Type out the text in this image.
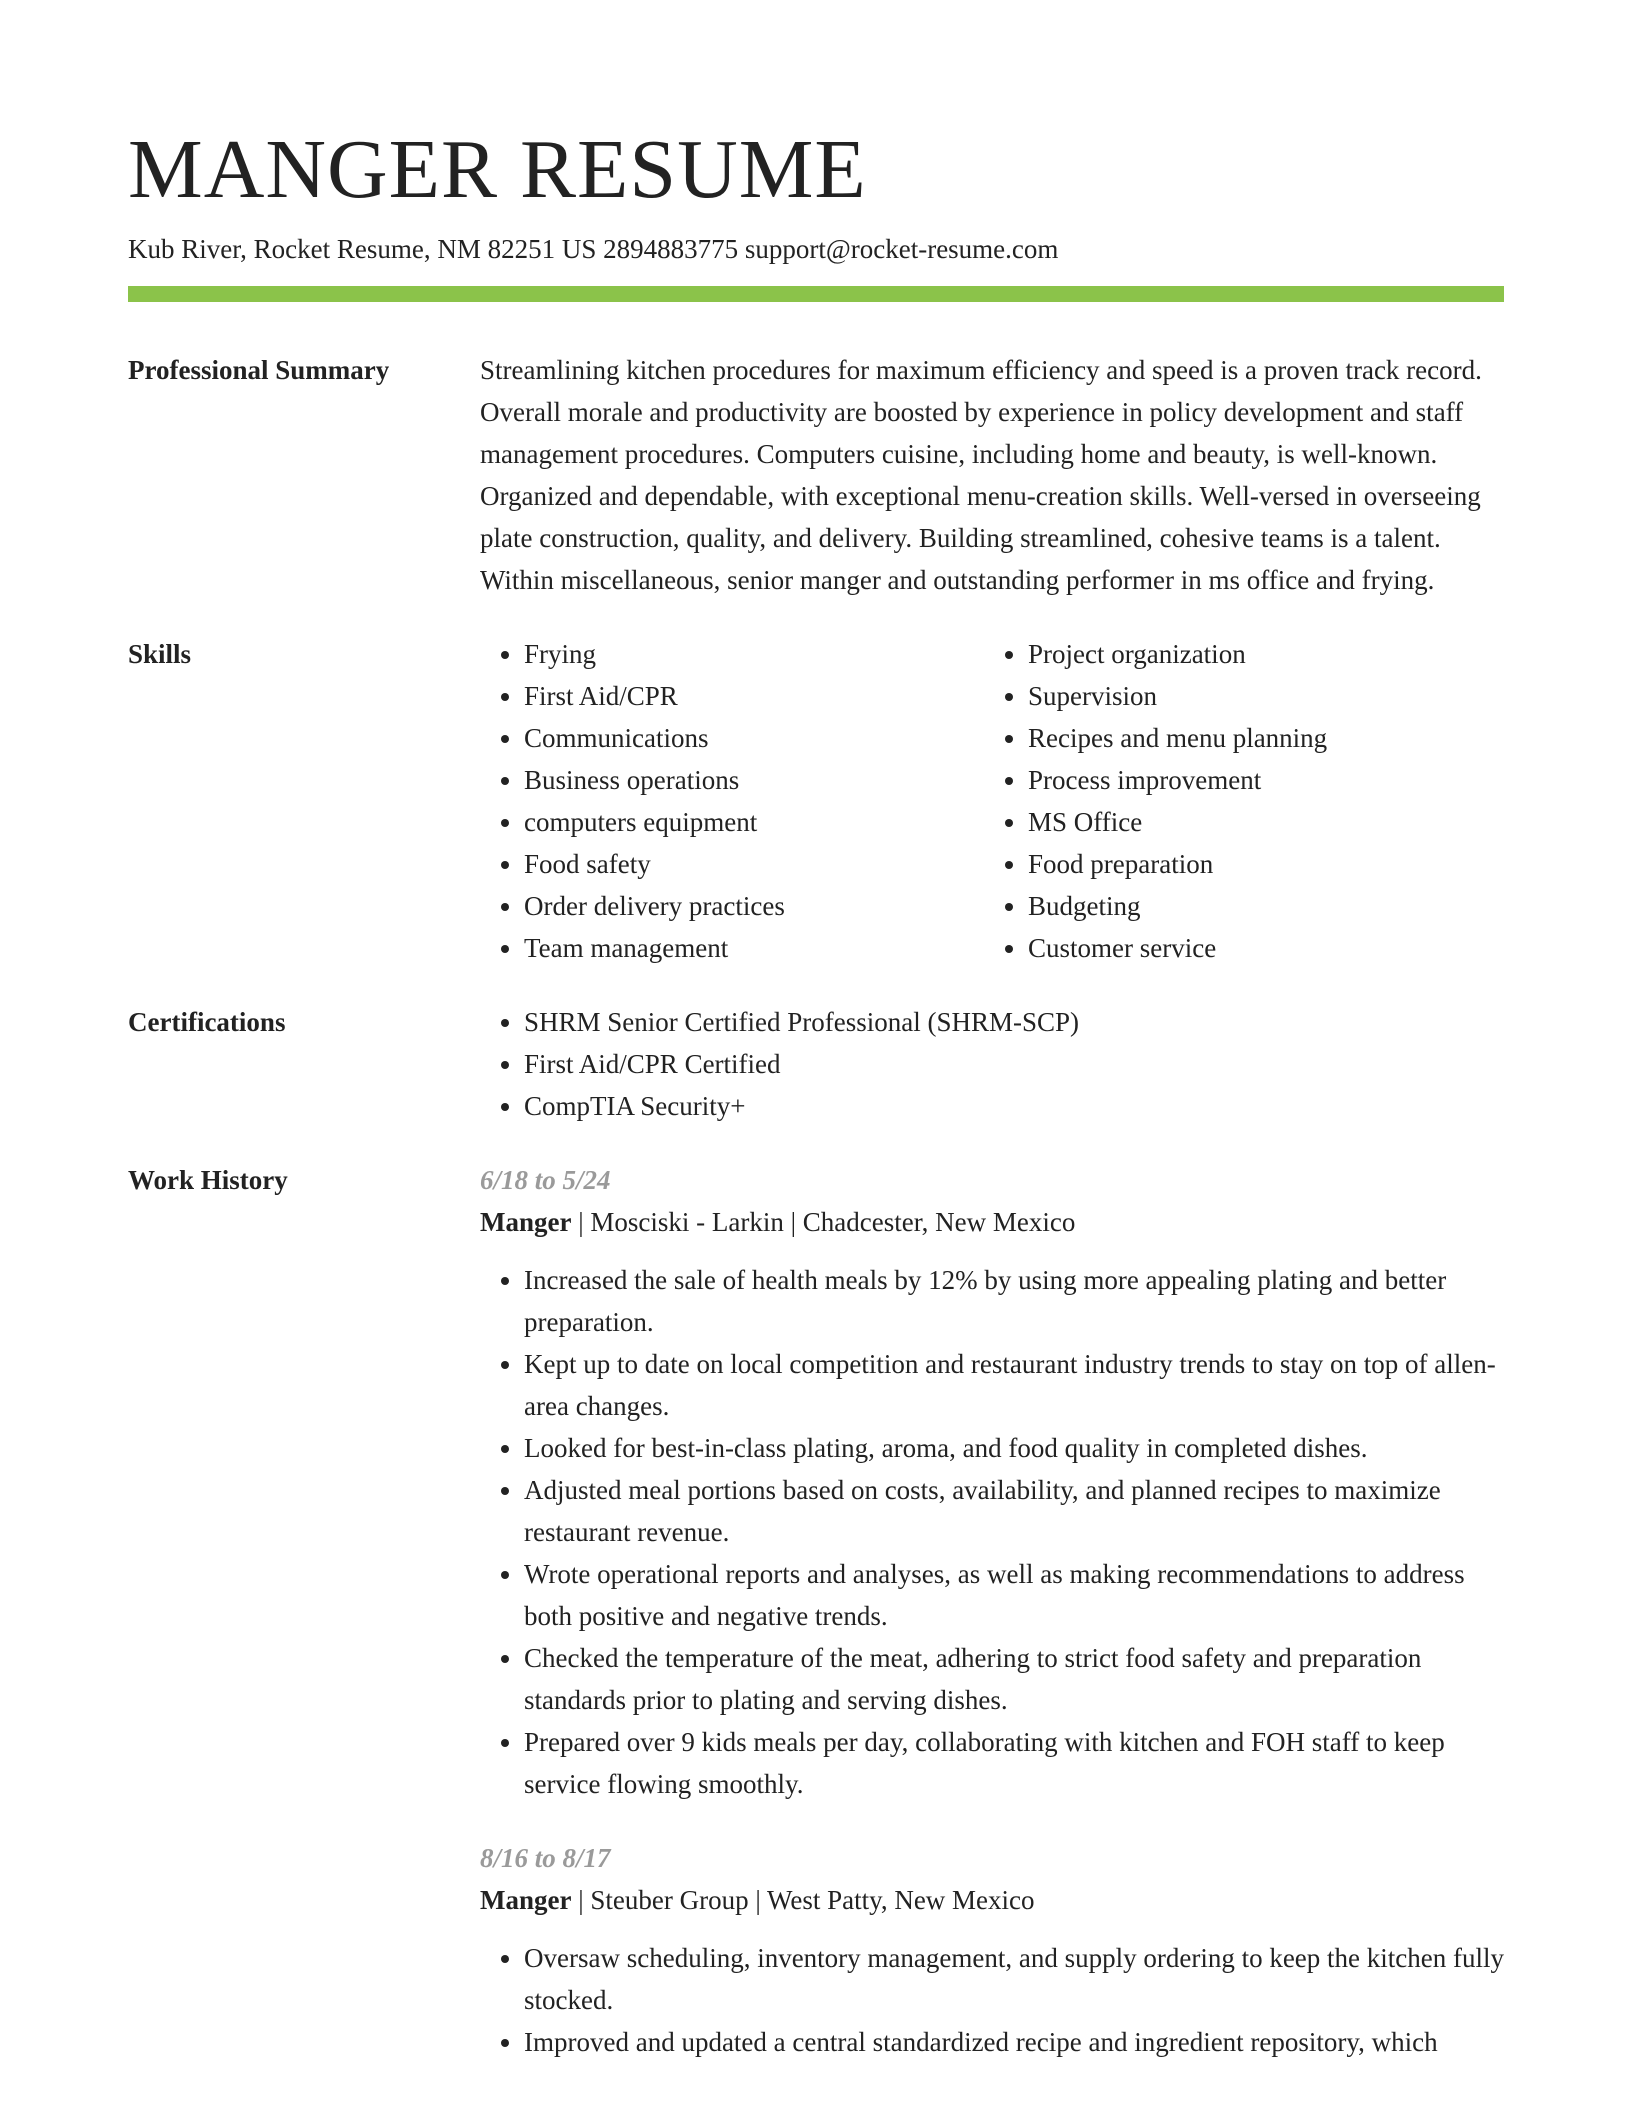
MANGER RESUME
Kub River, Rocket Resume, NM 82251 US 2894883775 support@rocket-resume.com
Professional Summary	Streamlining kitchen procedures for maximum efficiency and speed is a proven track record. Overall morale and productivity are boosted by experience in policy development and staff management procedures. Computers cuisine, including home and beauty, is well-known. Organized and dependable, with exceptional menu-creation skills. Well-versed in overseeing plate construction, quality, and delivery. Building streamlined, cohesive teams is a talent. Within miscellaneous, senior manger and outstanding performer in ms office and frying.

Skills	• Frying
• First Aid/CPR
• Communications
• Business operations
• computers equipment
• Food safety
• Order delivery practices
• Team management
• Project organization
• Supervision
• Recipes and menu planning
• Process improvement
• MS Office
• Food preparation
• Budgeting
• Customer service
Certifications	• SHRM Senior Certified Professional (SHRM-SCP)
• First Aid/CPR Certified
• CompTIA Security+
Work History	6/18 to 5/24

Manger | Mosciski - Larkin | Chadcester, New Mexico

• Increased the sale of health meals by 12% by using more appealing plating and better preparation.
• Kept up to date on local competition and restaurant industry trends to stay on top of allen-area changes.
• Looked for best-in-class plating, aroma, and food quality in completed dishes.
• Adjusted meal portions based on costs, availability, and planned recipes to maximize restaurant revenue.
• Wrote operational reports and analyses, as well as making recommendations to address both positive and negative trends.
• Checked the temperature of the meat, adhering to strict food safety and preparation standards prior to plating and serving dishes.
• Prepared over 9 kids meals per day, collaborating with kitchen and FOH staff to keep service flowing smoothly.
8/16 to 8/17

Manger | Steuber Group | West Patty, New Mexico

• Oversaw scheduling, inventory management, and supply ordering to keep the kitchen fully stocked.
• Improved and updated a central standardized recipe and ingredient repository, which
